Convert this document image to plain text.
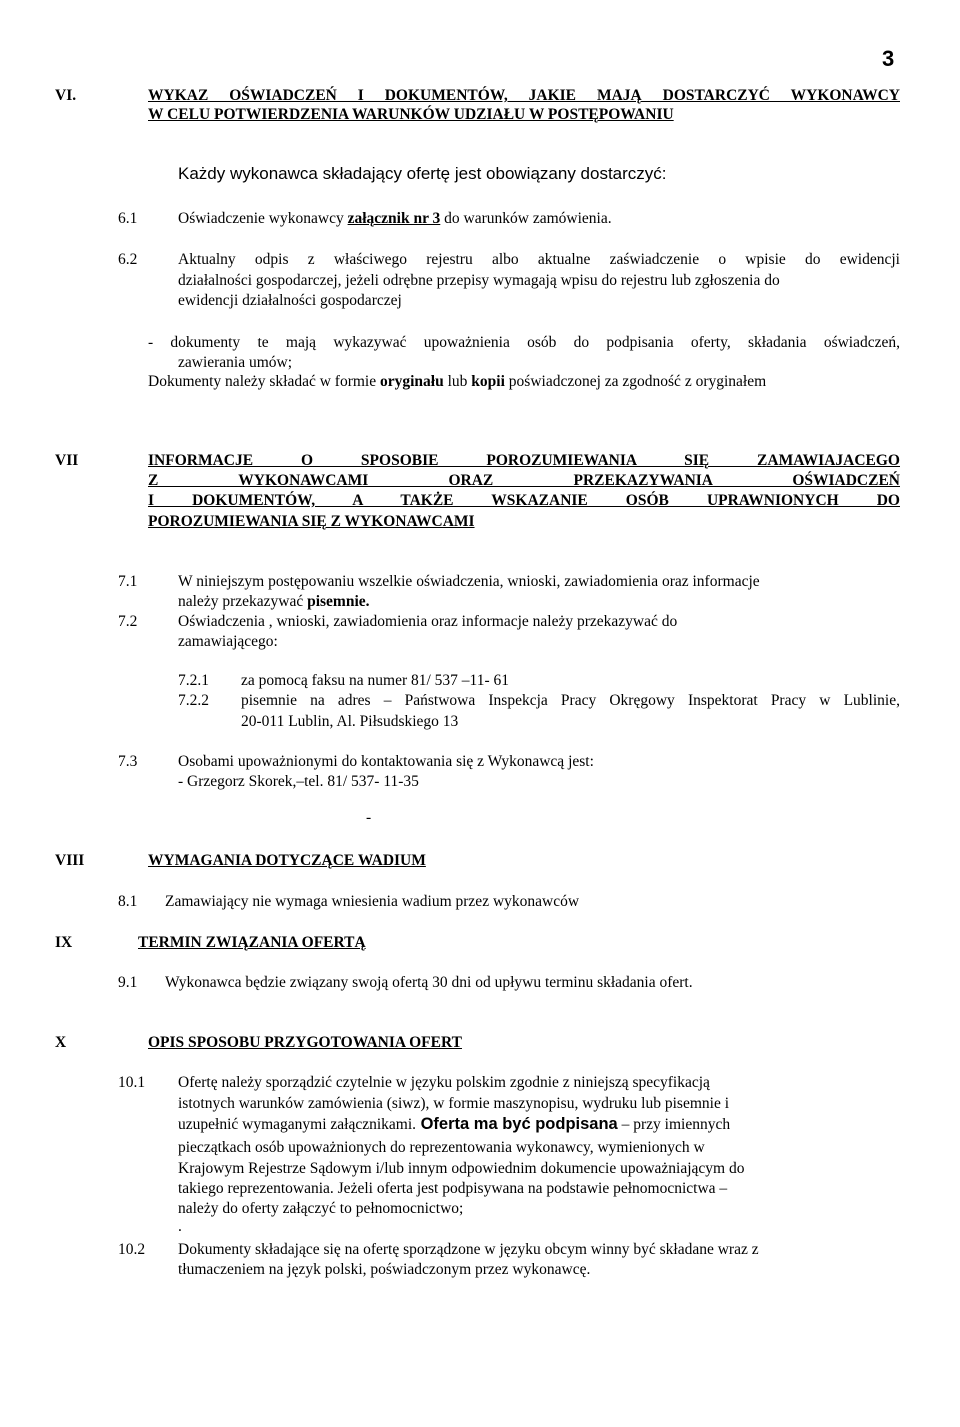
3
VI.	WYKAZ OŚWIADCZEŃ I DOKUMENTÓW, JAKIE MAJĄ DOSTARCZYĆ WYKONAWCY
W CELU POTWIERDZENIA WARUNKÓW UDZIAŁU W POSTĘPOWANIU
Każdy wykonawca składający ofertę jest obowiązany dostarczyć:
6.1	Oświadczenie wykonawcy załącznik nr 3 do warunków zamówienia.
6.2	Aktualny odpis z właściwego rejestru albo aktualne zaświadczenie o wpisie do ewidencji
działalności gospodarczej, jeżeli odrębne przepisy wymagają wpisu do rejestru lub zgłoszenia do
ewidencji działalności gospodarczej
- dokumenty te mają wykazywać upoważnienia osób do podpisania oferty, składania oświadczeń,
zawierania umów;
Dokumenty należy składać w formie oryginału lub kopii poświadczonej za zgodność z oryginałem
VII	INFORMACJE O SPOSOBIE POROZUMIEWANIA SIĘ ZAMAWIAJACEGO
Z WYKONAWCAMI ORAZ PRZEKAZYWANIA OŚWIADCZEŃ
I DOKUMENTÓW, A TAKŻE WSKAZANIE OSÓB UPRAWNIONYCH DO
POROZUMIEWANIA SIĘ Z WYKONAWCAMI
7.1	W niniejszym postępowaniu wszelkie oświadczenia, wnioski, zawiadomienia oraz informacje
należy przekazywać pisemnie.
7.2	Oświadczenia , wnioski, zawiadomienia oraz informacje należy przekazywać do
zamawiającego:
7.2.1 za pomocą faksu na numer 81/ 537 –11- 61
7.2.2 pisemnie na adres – Państwowa Inspekcja Pracy Okręgowy Inspektorat Pracy w Lublinie,
20-011 Lublin, Al. Piłsudskiego 13
7.3	Osobami upoważnionymi do kontaktowania się z Wykonawcą jest:
- Grzegorz Skorek,–tel. 81/ 537- 11-35
-
VIII	WYMAGANIA DOTYCZĄCE WADIUM
8.1 Zamawiający nie wymaga wniesienia wadium przez wykonawców
IX	TERMIN ZWIĄZANIA OFERTĄ
9.1 Wykonawca będzie związany swoją ofertą 30 dni od upływu terminu składania ofert.
X	OPIS SPOSOBU PRZYGOTOWANIA OFERT
10.1 Ofertę należy sporządzić czytelnie w języku polskim zgodnie z niniejszą specyfikacją
istotnych warunków zamówienia (siwz), w formie maszynopisu, wydruku lub pisemnie i
uzupełnić wymaganymi załącznikami. Oferta ma być podpisana – przy imiennych
pieczątkach osób upoważnionych do reprezentowania wykonawcy, wymienionych w
Krajowym Rejestrze Sądowym i/lub innym odpowiednim dokumencie upoważniającym do
takiego reprezentowania. Jeżeli oferta jest podpisywana na podstawie pełnomocnictwa –
należy do oferty załączyć to pełnomocnictwo;
.
10.2 Dokumenty składające się na ofertę sporządzone w języku obcym winny być składane wraz z
tłumaczeniem na język polski, poświadczonym przez wykonawcę.
